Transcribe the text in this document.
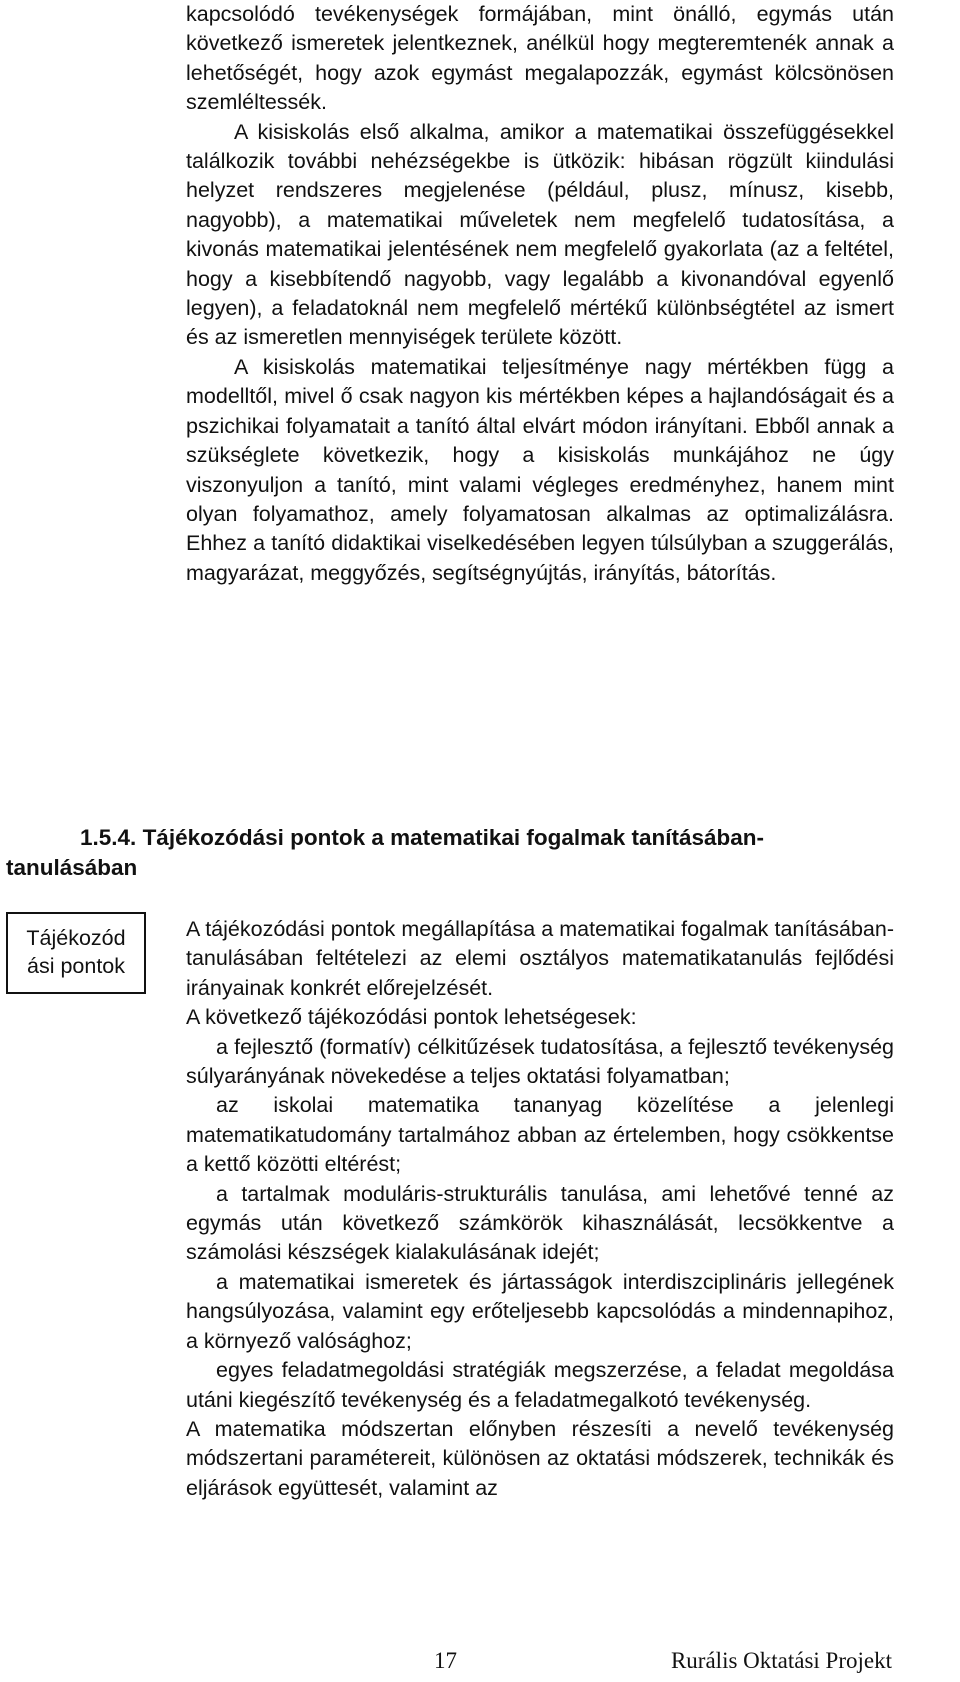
kapcsolódó tevékenységek formájában, mint önálló, egymás után következő ismeretek jelentkeznek, anélkül hogy megteremtenék annak a lehetőségét, hogy azok egymást megalapozzák, egymást kölcsönösen szemléltessék.

A kisiskolás első alkalma, amikor a matematikai összefüggésekkel találkozik további nehézségekbe is ütközik: hibásan rögzült kiindulási helyzet rendszeres megjelenése (például, plusz, mínusz, kisebb, nagyobb), a matematikai műveletek nem megfelelő tudatosítása, a kivonás matematikai jelentésének nem megfelelő gyakorlata (az a feltétel, hogy a kisebbítendő nagyobb, vagy legalább a kivonandóval egyenlő legyen), a feladatoknál nem megfelelő mértékű különbségtétel az ismert és az ismeretlen mennyiségek területe között.

A kisiskolás matematikai teljesítménye nagy mértékben függ a modelltől, mivel ő csak nagyon kis mértékben képes a hajlandóságait és a pszichikai folyamatait a tanító által elvárt módon irányítani. Ebből annak a szükséglete következik, hogy a kisiskolás munkájához ne úgy viszonyuljon a tanító, mint valami végleges eredményhez, hanem mint olyan folyamathoz, amely folyamatosan alkalmas az optimalizálásra. Ehhez a tanító didaktikai viselkedésében legyen túlsúlyban a szuggerálás, magyarázat, meggyőzés, segítségnyújtás, irányítás, bátorítás.

1.5.4. Tájékozódási pontok a matematikai fogalmak tanításában-
tanulásában
Tájékozód
ási pontok

A tájékozódási pontok megállapítása a matematikai fogalmak tanításában-tanulásában feltételezi az elemi osztályos matematikatanulás fejlődési irányainak konkrét előrejelzését.

A következő tájékozódási pontok lehetségesek:

a fejlesztő (formatív) célkitűzések tudatosítása, a fejlesztő tevékenység súlyarányának növekedése a teljes oktatási folyamatban;

az iskolai matematika tananyag közelítése a jelenlegi matematikatudomány tartalmához abban az értelemben, hogy csökkentse a kettő közötti eltérést;

a tartalmak moduláris-strukturális tanulása, ami lehetővé tenné az egymás után következő számkörök kihasználását, lecsökkentve a számolási készségek kialakulásának idejét;

a matematikai ismeretek és jártasságok interdiszciplináris jellegének hangsúlyozása, valamint egy erőteljesebb kapcsolódás a mindennapihoz, a környező valósághoz;

egyes feladatmegoldási stratégiák megszerzése, a feladat megoldása utáni kiegészítő tevékenység és a feladatmegalkotó tevékenység.

A matematika módszertan előnyben részesíti a nevelő tevékenység módszertani paramétereit, különösen az oktatási módszerek, technikák és eljárások együttesét, valamint az

17	Rurális Oktatási Projekt
